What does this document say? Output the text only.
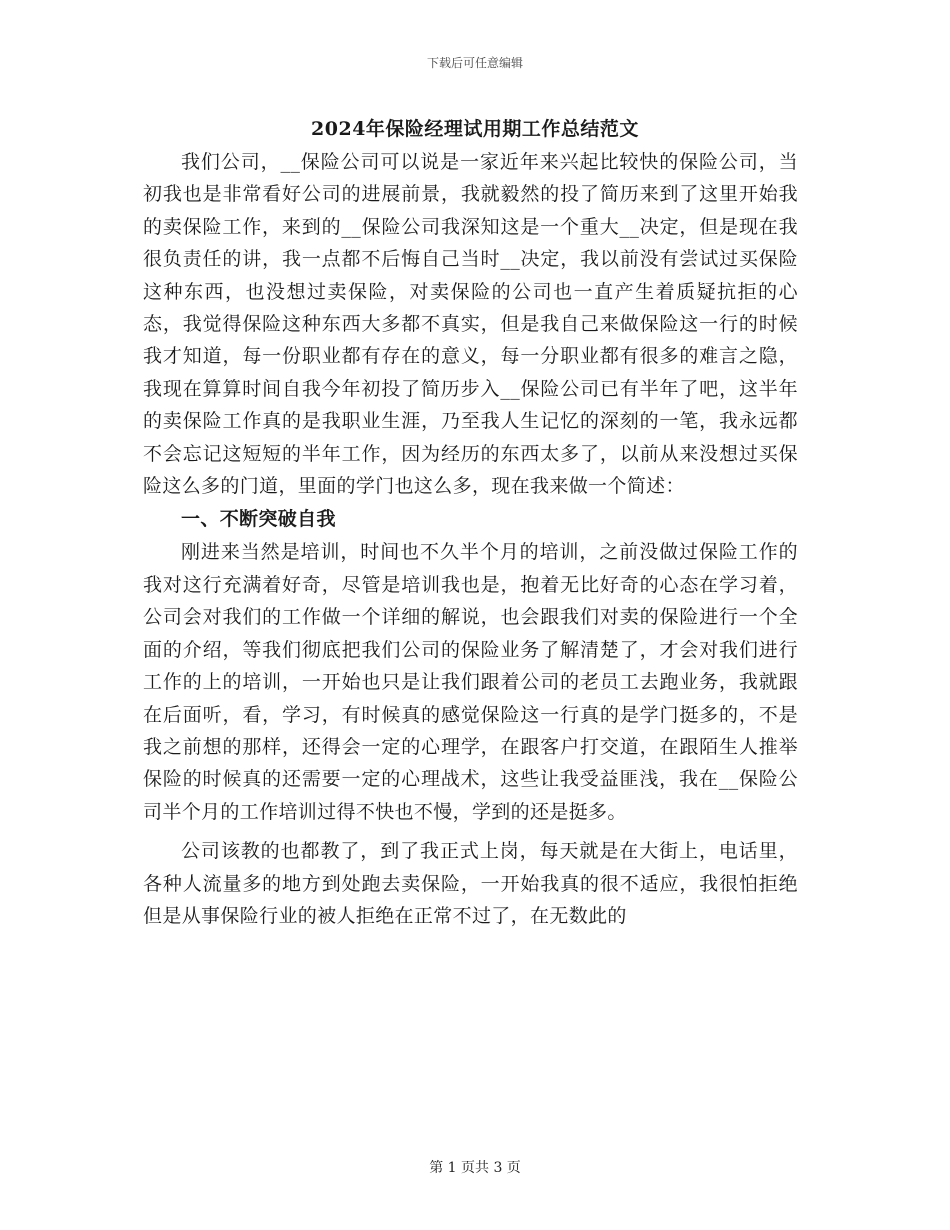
下载后可任意编辑
2024年保险经理试用期工作总结范文

我们公司，__保险公司可以说是一家近年来兴起比较快的保险公司，当初我也是非常看好公司的进展前景，我就毅然的投了简历来到了这里开始我的卖保险工作，来到的__保险公司我深知这是一个重大__决定，但是现在我很负责任的讲，我一点都不后悔自己当时__决定，我以前没有尝试过买保险这种东西，也没想过卖保险，对卖保险的公司也一直产生着质疑抗拒的心态，我觉得保险这种东西大多都不真实，但是我自己来做保险这一行的时候我才知道，每一份职业都有存在的意义，每一分职业都有很多的难言之隐，我现在算算时间自我今年初投了简历步入__保险公司已有半年了吧，这半年的卖保险工作真的是我职业生涯，乃至我人生记忆的深刻的一笔，我永远都不会忘记这短短的半年工作，因为经历的东西太多了，以前从来没想过买保险这么多的门道，里面的学门也这么多，现在我来做一个简述：

一、不断突破自我

刚进来当然是培训，时间也不久半个月的培训，之前没做过保险工作的我对这行充满着好奇，尽管是培训我也是，抱着无比好奇的心态在学习着，公司会对我们的工作做一个详细的解说，也会跟我们对卖的保险进行一个全面的介绍，等我们彻底把我们公司的保险业务了解清楚了，才会对我们进行工作的上的培训，一开始也只是让我们跟着公司的老员工去跑业务，我就跟在后面听，看，学习，有时候真的感觉保险这一行真的是学门挺多的，不是我之前想的那样，还得会一定的心理学，在跟客户打交道，在跟陌生人推举保险的时候真的还需要一定的心理战术，这些让我受益匪浅，我在__保险公司半个月的工作培训过得不快也不慢，学到的还是挺多。

公司该教的也都教了，到了我正式上岗，每天就是在大街上，电话里，各种人流量多的地方到处跑去卖保险，一开始我真的很不适应，我很怕拒绝但是从事保险行业的被人拒绝在正常不过了，在无数此的

第 1 页共 3 页
